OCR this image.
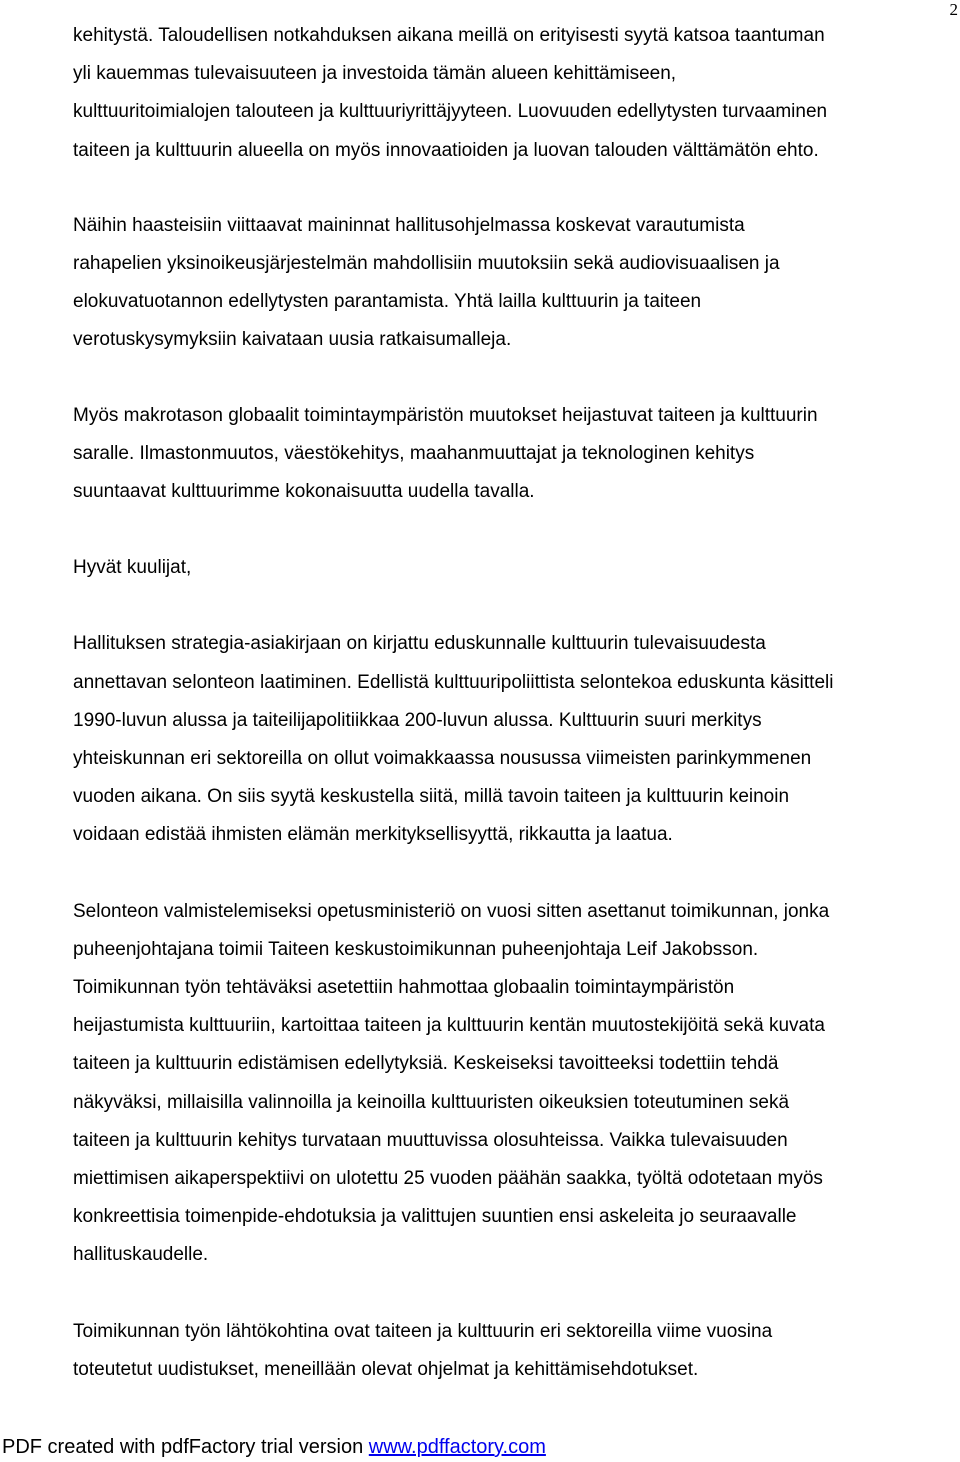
2

kehitystä. Taloudellisen notkahduksen aikana meillä on erityisesti syytä katsoa taantuman
yli kauemmas tulevaisuuteen ja investoida tämän alueen kehittämiseen,
kulttuuritoimialojen talouteen ja kulttuuriyrittäjyyteen. Luovuuden edellytysten turvaaminen
taiteen ja kulttuurin alueella on myös innovaatioiden ja luovan talouden välttämätön ehto.

Näihin haasteisiin viittaavat maininnat hallitusohjelmassa koskevat varautumista
rahapelien yksinoikeusjärjestelmän mahdollisiin muutoksiin sekä audiovisuaalisen ja
elokuvatuotannon edellytysten parantamista. Yhtä lailla kulttuurin ja taiteen
verotuskysymyksiin kaivataan uusia ratkaisumalleja.

Myös makrotason globaalit toimintaympäristön muutokset heijastuvat taiteen ja kulttuurin
saralle. Ilmastonmuutos, väestökehitys, maahanmuuttajat ja teknologinen kehitys
suuntaavat kulttuurimme kokonaisuutta uudella tavalla.

Hyvät kuulijat,

Hallituksen strategia-asiakirjaan on kirjattu eduskunnalle kulttuurin tulevaisuudesta
annettavan selonteon laatiminen. Edellistä kulttuuripoliittista selontekoa eduskunta käsitteli
1990-luvun alussa ja taiteilijapolitiikkaa 200-luvun alussa. Kulttuurin suuri merkitys
yhteiskunnan eri sektoreilla on ollut voimakkaassa nousussa viimeisten parinkymmenen
vuoden aikana. On siis syytä keskustella siitä, millä tavoin taiteen ja kulttuurin keinoin
voidaan edistää ihmisten elämän merkityksellisyyttä, rikkautta ja laatua.

Selonteon valmistelemiseksi opetusministeriö on vuosi sitten asettanut toimikunnan, jonka
puheenjohtajana toimii Taiteen keskustoimikunnan puheenjohtaja Leif Jakobsson.
Toimikunnan työn tehtäväksi asetettiin hahmottaa globaalin toimintaympäristön
heijastumista kulttuuriin, kartoittaa taiteen ja kulttuurin kentän muutostekijöitä sekä kuvata
taiteen ja kulttuurin edistämisen edellytyksiä. Keskeiseksi tavoitteeksi todettiin tehdä
näkyväksi, millaisilla valinnoilla ja keinoilla kulttuuristen oikeuksien toteutuminen sekä
taiteen ja kulttuurin kehitys turvataan muuttuvissa olosuhteissa. Vaikka tulevaisuuden
miettimisen aikaperspektiivi on ulotettu 25 vuoden päähän saakka, työltä odotetaan myös
konkreettisia toimenpide-ehdotuksia ja valittujen suuntien ensi askeleita jo seuraavalle
hallituskaudelle.

Toimikunnan työn lähtökohtina ovat taiteen ja kulttuurin eri sektoreilla viime vuosina
toteutetut uudistukset, meneillään olevat ohjelmat ja kehittämisehdotukset.

PDF created with pdfFactory trial version www.pdffactory.com
